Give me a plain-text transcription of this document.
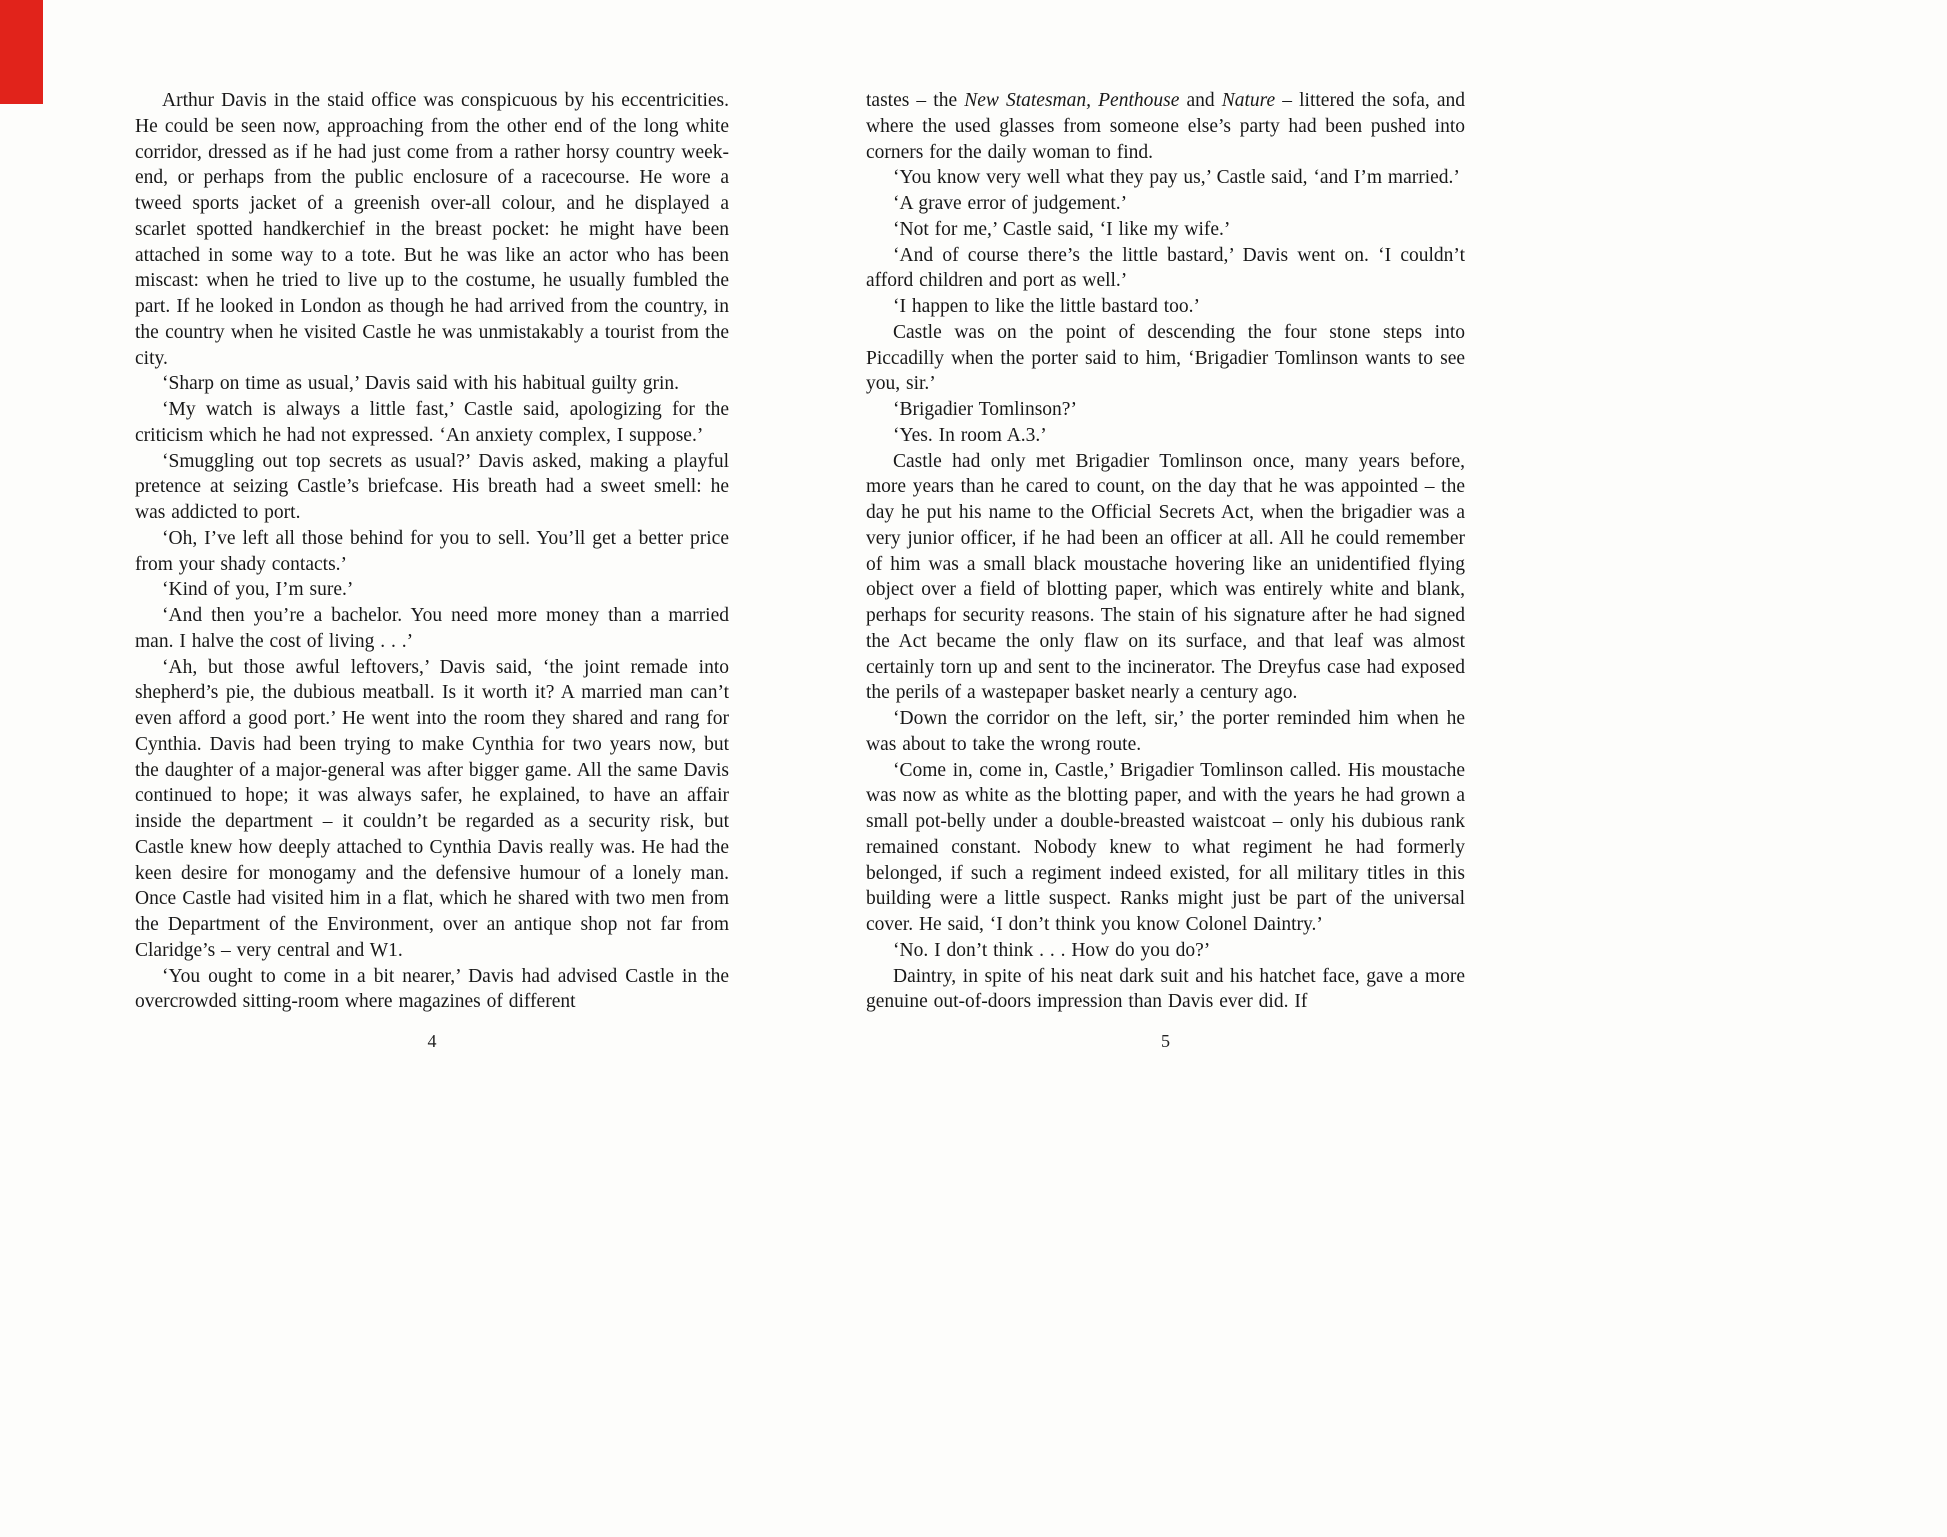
Arthur Davis in the staid office was conspicuous by his eccentricities. He could be seen now, approaching from the other end of the long white corridor, dressed as if he had just come from a rather horsy country week-end, or perhaps from the public enclosure of a racecourse. He wore a tweed sports jacket of a greenish over-all colour, and he displayed a scarlet spotted handkerchief in the breast pocket: he might have been attached in some way to a tote. But he was like an actor who has been miscast: when he tried to live up to the costume, he usually fumbled the part. If he looked in London as though he had arrived from the country, in the country when he visited Castle he was unmistakably a tourist from the city.

‘Sharp on time as usual,’ Davis said with his habitual guilty grin.

‘My watch is always a little fast,’ Castle said, apologizing for the criticism which he had not expressed. ‘An anxiety complex, I suppose.’

‘Smuggling out top secrets as usual?’ Davis asked, making a playful pretence at seizing Castle’s briefcase. His breath had a sweet smell: he was addicted to port.

‘Oh, I’ve left all those behind for you to sell. You’ll get a better price from your shady contacts.’

‘Kind of you, I’m sure.’

‘And then you’re a bachelor. You need more money than a married man. I halve the cost of living . . .’

‘Ah, but those awful leftovers,’ Davis said, ‘the joint remade into shepherd’s pie, the dubious meatball. Is it worth it? A married man can’t even afford a good port.’ He went into the room they shared and rang for Cynthia. Davis had been trying to make Cynthia for two years now, but the daughter of a major-general was after bigger game. All the same Davis continued to hope; it was always safer, he explained, to have an affair inside the department – it couldn’t be regarded as a security risk, but Castle knew how deeply attached to Cynthia Davis really was. He had the keen desire for monogamy and the defensive humour of a lonely man. Once Castle had visited him in a flat, which he shared with two men from the Department of the Environment, over an antique shop not far from Claridge’s – very central and W1.

‘You ought to come in a bit nearer,’ Davis had advised Castle in the overcrowded sitting-room where magazines of different

4

tastes – the New Statesman, Penthouse and Nature – littered the sofa, and where the used glasses from someone else’s party had been pushed into corners for the daily woman to find.

‘You know very well what they pay us,’ Castle said, ‘and I’m married.’

‘A grave error of judgement.’

‘Not for me,’ Castle said, ‘I like my wife.’

‘And of course there’s the little bastard,’ Davis went on. ‘I couldn’t afford children and port as well.’

‘I happen to like the little bastard too.’

Castle was on the point of descending the four stone steps into Piccadilly when the porter said to him, ‘Brigadier Tomlinson wants to see you, sir.’

‘Brigadier Tomlinson?’

‘Yes. In room A.3.’

Castle had only met Brigadier Tomlinson once, many years before, more years than he cared to count, on the day that he was appointed – the day he put his name to the Official Secrets Act, when the brigadier was a very junior officer, if he had been an officer at all. All he could remember of him was a small black moustache hovering like an unidentified flying object over a field of blotting paper, which was entirely white and blank, perhaps for security reasons. The stain of his signature after he had signed the Act became the only flaw on its surface, and that leaf was almost certainly torn up and sent to the incinerator. The Dreyfus case had exposed the perils of a wastepaper basket nearly a century ago.

‘Down the corridor on the left, sir,’ the porter reminded him when he was about to take the wrong route.

‘Come in, come in, Castle,’ Brigadier Tomlinson called. His moustache was now as white as the blotting paper, and with the years he had grown a small pot-belly under a double-breasted waistcoat – only his dubious rank remained constant. Nobody knew to what regiment he had formerly belonged, if such a regiment indeed existed, for all military titles in this building were a little suspect. Ranks might just be part of the universal cover. He said, ‘I don’t think you know Colonel Daintry.’

‘No. I don’t think . . . How do you do?’

Daintry, in spite of his neat dark suit and his hatchet face, gave a more genuine out-of-doors impression than Davis ever did. If

5
